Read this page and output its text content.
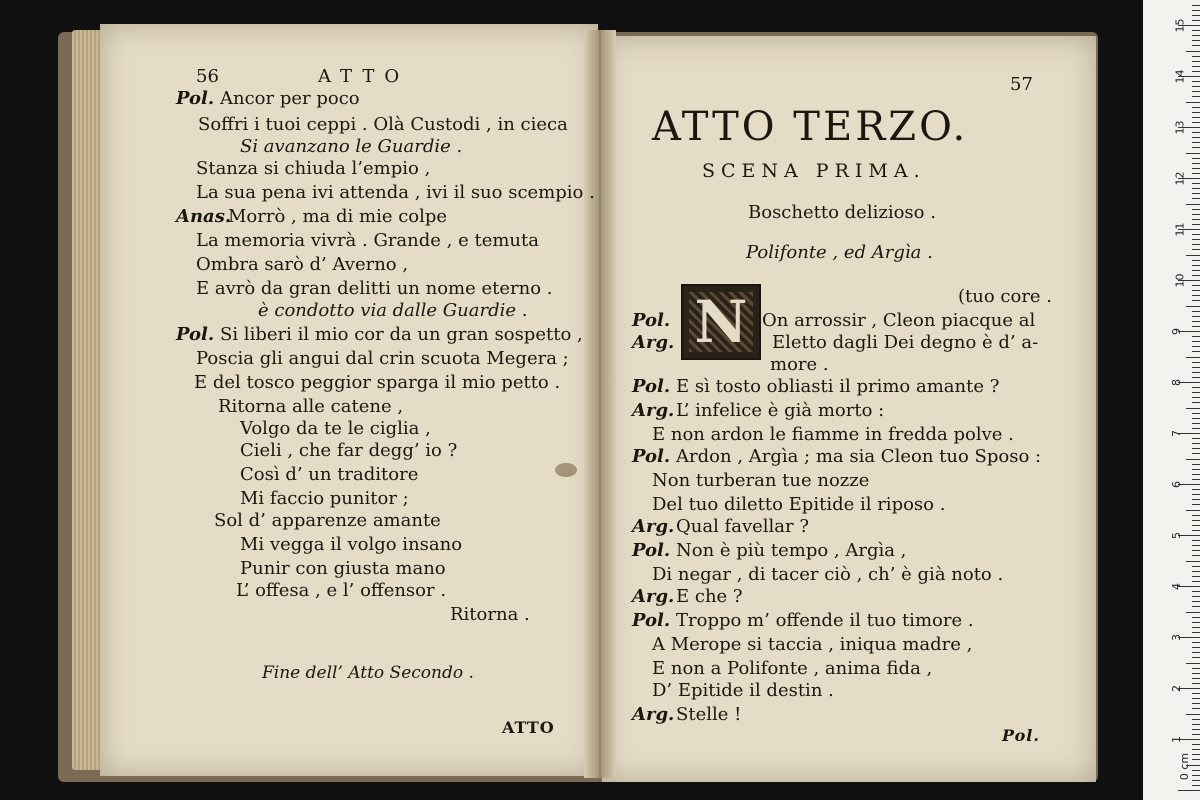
56	ATTO
Pol. Ancor per poco
Soffri i tuoi ceppi . Olà Custodi , in cieca
Si avanzano le Guardie .
Stanza si chiuda l’empio ,
La sua pena ivi attenda , ivi il suo scempio .
Anas.
Morrò , ma di mie colpe
La memoria vivrà . Grande , e temuta
Ombra sarò d’ Averno ,
E avrò da gran delitti un nome eterno .
è condotto via dalle Guardie .
Pol. Si liberi il mio cor da un gran sospetto ,
Poscia gli angui dal crin scuota Megera ;
E del tosco peggior sparga il mio petto .
Ritorna alle catene ,
Volgo da te le ciglia ,
Cieli , che far degg’ io ?
Così d’ un traditore
Mi faccio punitor ;
Sol d’ apparenze amante
Mi vegga il volgo insano
Punir con giusta mano
L’ offesa , e l’ offensor .
Ritorna .
Fine dell’ Atto Secondo .
ATTO
57
ATTO TERZO.
SCENA PRIMA.
Boschetto delizioso .
Polifonte , ed Argìa .
N	(tuo core .
Pol.	On arrossir , Cleon piacque al
Arg.	Eletto dagli Dei degno è d’ a-
more .
Pol. E sì tosto obliasti il primo amante ?
Arg. L’ infelice è già morto :
E non ardon le fiamme in fredda polve .
Pol. Ardon , Argìa ; ma sia Cleon tuo Sposo :
Non turberan tue nozze
Del tuo diletto Epitide il riposo .
Arg. Qual favellar ?
Pol. Non è più tempo , Argìa ,
Di negar , di tacer ciò , ch’ è già noto .
Arg. E che ?
Pol. Troppo m’ offende il tuo timore .
A Merope si taccia , iniqua madre ,
E non a Polifonte , anima fida ,
D’ Epitide il destin .
Arg. Stelle !
Pol.	1
2
3
4
5
6
7
8
9
10
11
12
13
14
15
0 cm
